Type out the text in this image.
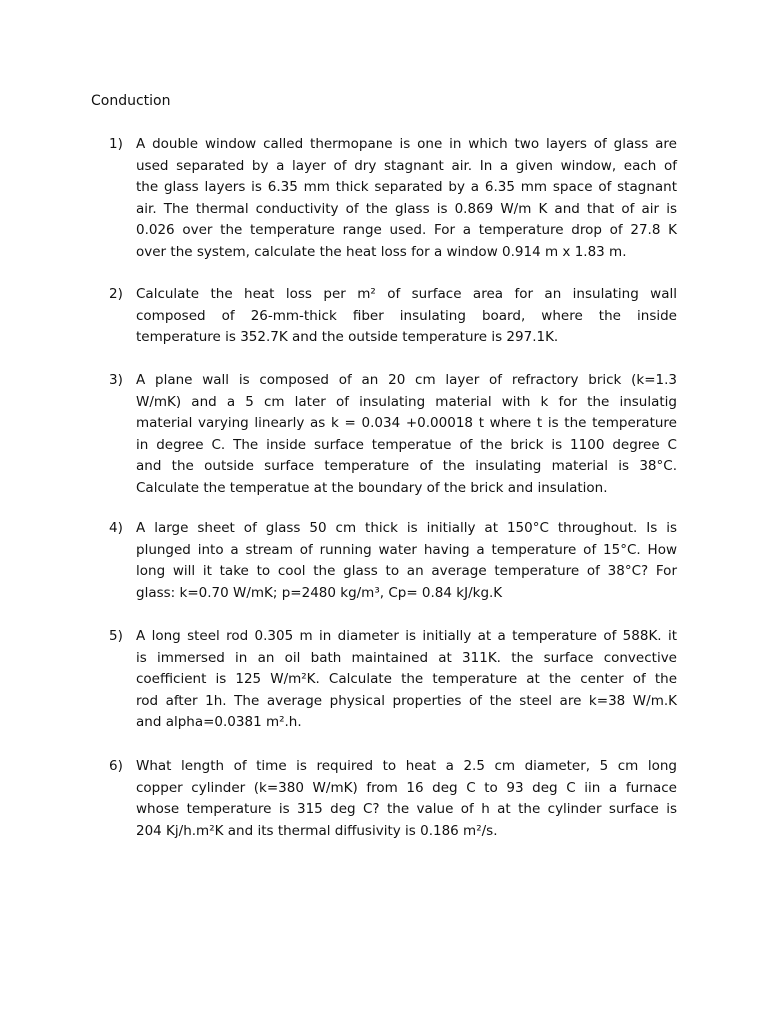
Conduction
1) A double window called thermopane is one in which two layers of glass are
used separated by a layer of dry stagnant air. In a given window, each of
the glass layers is 6.35 mm thick separated by a 6.35 mm space of stagnant
air. The thermal conductivity of the glass is 0.869 W/m K and that of air is
0.026 over the temperature range used. For a temperature drop of 27.8 K
over the system, calculate the heat loss for a window 0.914 m x 1.83 m.
2) Calculate the heat loss per m² of surface area for an insulating wall
composed of 26-mm-thick fiber insulating board, where the inside
temperature is 352.7K and the outside temperature is 297.1K.
3) A plane wall is composed of an 20 cm layer of refractory brick (k=1.3
W/mK) and a 5 cm later of insulating material with k for the insulatig
material varying linearly as k = 0.034 +0.00018 t where t is the temperature
in degree C. The inside surface temperatue of the brick is 1100 degree C
and the outside surface temperature of the insulating material is 38°C.
Calculate the temperatue at the boundary of the brick and insulation.
4) A large sheet of glass 50 cm thick is initially at 150°C throughout. Is is
plunged into a stream of running water having a temperature of 15°C. How
long will it take to cool the glass to an average temperature of 38°C? For
glass: k=0.70 W/mK; p=2480 kg/m³, Cp= 0.84 kJ/kg.K
5) A long steel rod 0.305 m in diameter is initially at a temperature of 588K. it
is immersed in an oil bath maintained at 311K. the surface convective
coefficient is 125 W/m²K. Calculate the temperature at the center of the
rod after 1h. The average physical properties of the steel are k=38 W/m.K
and alpha=0.0381 m².h.
6) What length of time is required to heat a 2.5 cm diameter, 5 cm long
copper cylinder (k=380 W/mK) from 16 deg C to 93 deg C iin a furnace
whose temperature is 315 deg C? the value of h at the cylinder surface is
204 Kj/h.m²K and its thermal diffusivity is 0.186 m²/s.
